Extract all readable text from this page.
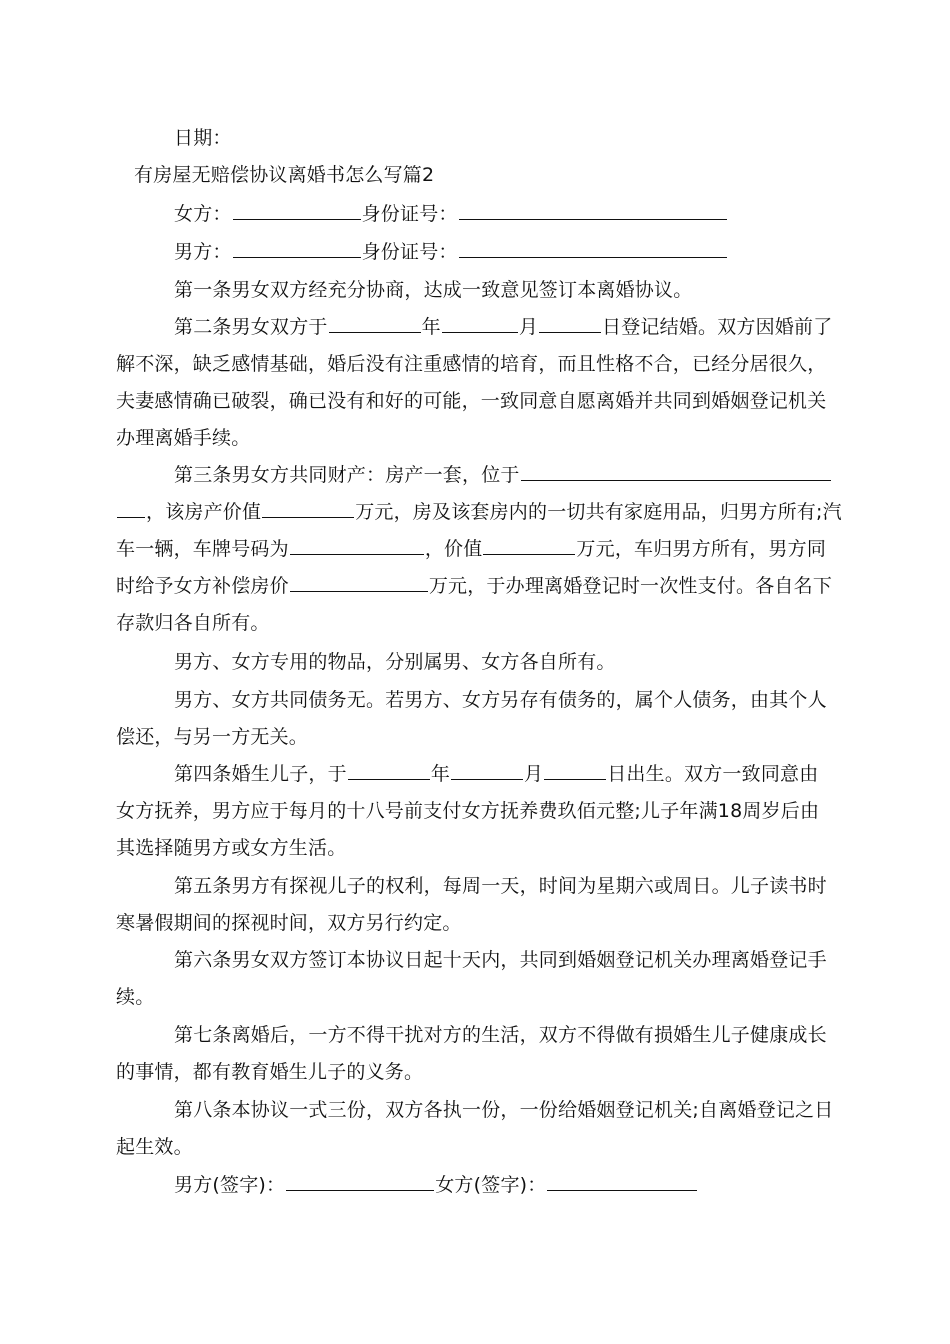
日期：
有房屋无赔偿协议离婚书怎么写篇2
女方：	身份证号：
男方：	身份证号：
第一条男女双方经充分协商，达成一致意见签订本离婚协议。
第二条男女双方于	年	月	日登记结婚。双方因婚前了
解不深，缺乏感情基础，婚后没有注重感情的培育，而且性格不合，已经分居很久，
夫妻感情确已破裂，确已没有和好的可能，一致同意自愿离婚并共同到婚姻登记机关
办理离婚手续。
第三条男女方共同财产：房产一套，位于
，该房产价值	万元，房及该套房内的一切共有家庭用品，归男方所有;汽
车一辆，车牌号码为	，价值	万元，车归男方所有，男方同
时给予女方补偿房价	万元，于办理离婚登记时一次性支付。各自名下
存款归各自所有。
男方、女方专用的物品，分别属男、女方各自所有。
男方、女方共同债务无。若男方、女方另存有债务的，属个人债务，由其个人
偿还，与另一方无关。
第四条婚生儿子，于	年	月	日出生。双方一致同意由
女方抚养，男方应于每月的十八号前支付女方抚养费玖佰元整;儿子年满18周岁后由
其选择随男方或女方生活。
第五条男方有探视儿子的权利，每周一天，时间为星期六或周日。儿子读书时
寒暑假期间的探视时间，双方另行约定。
第六条男女双方签订本协议日起十天内，共同到婚姻登记机关办理离婚登记手
续。
第七条离婚后，一方不得干扰对方的生活，双方不得做有损婚生儿子健康成长
的事情，都有教育婚生儿子的义务。
第八条本协议一式三份，双方各执一份，一份给婚姻登记机关;自离婚登记之日
起生效。
男方(签字)：	女方(签字)：
